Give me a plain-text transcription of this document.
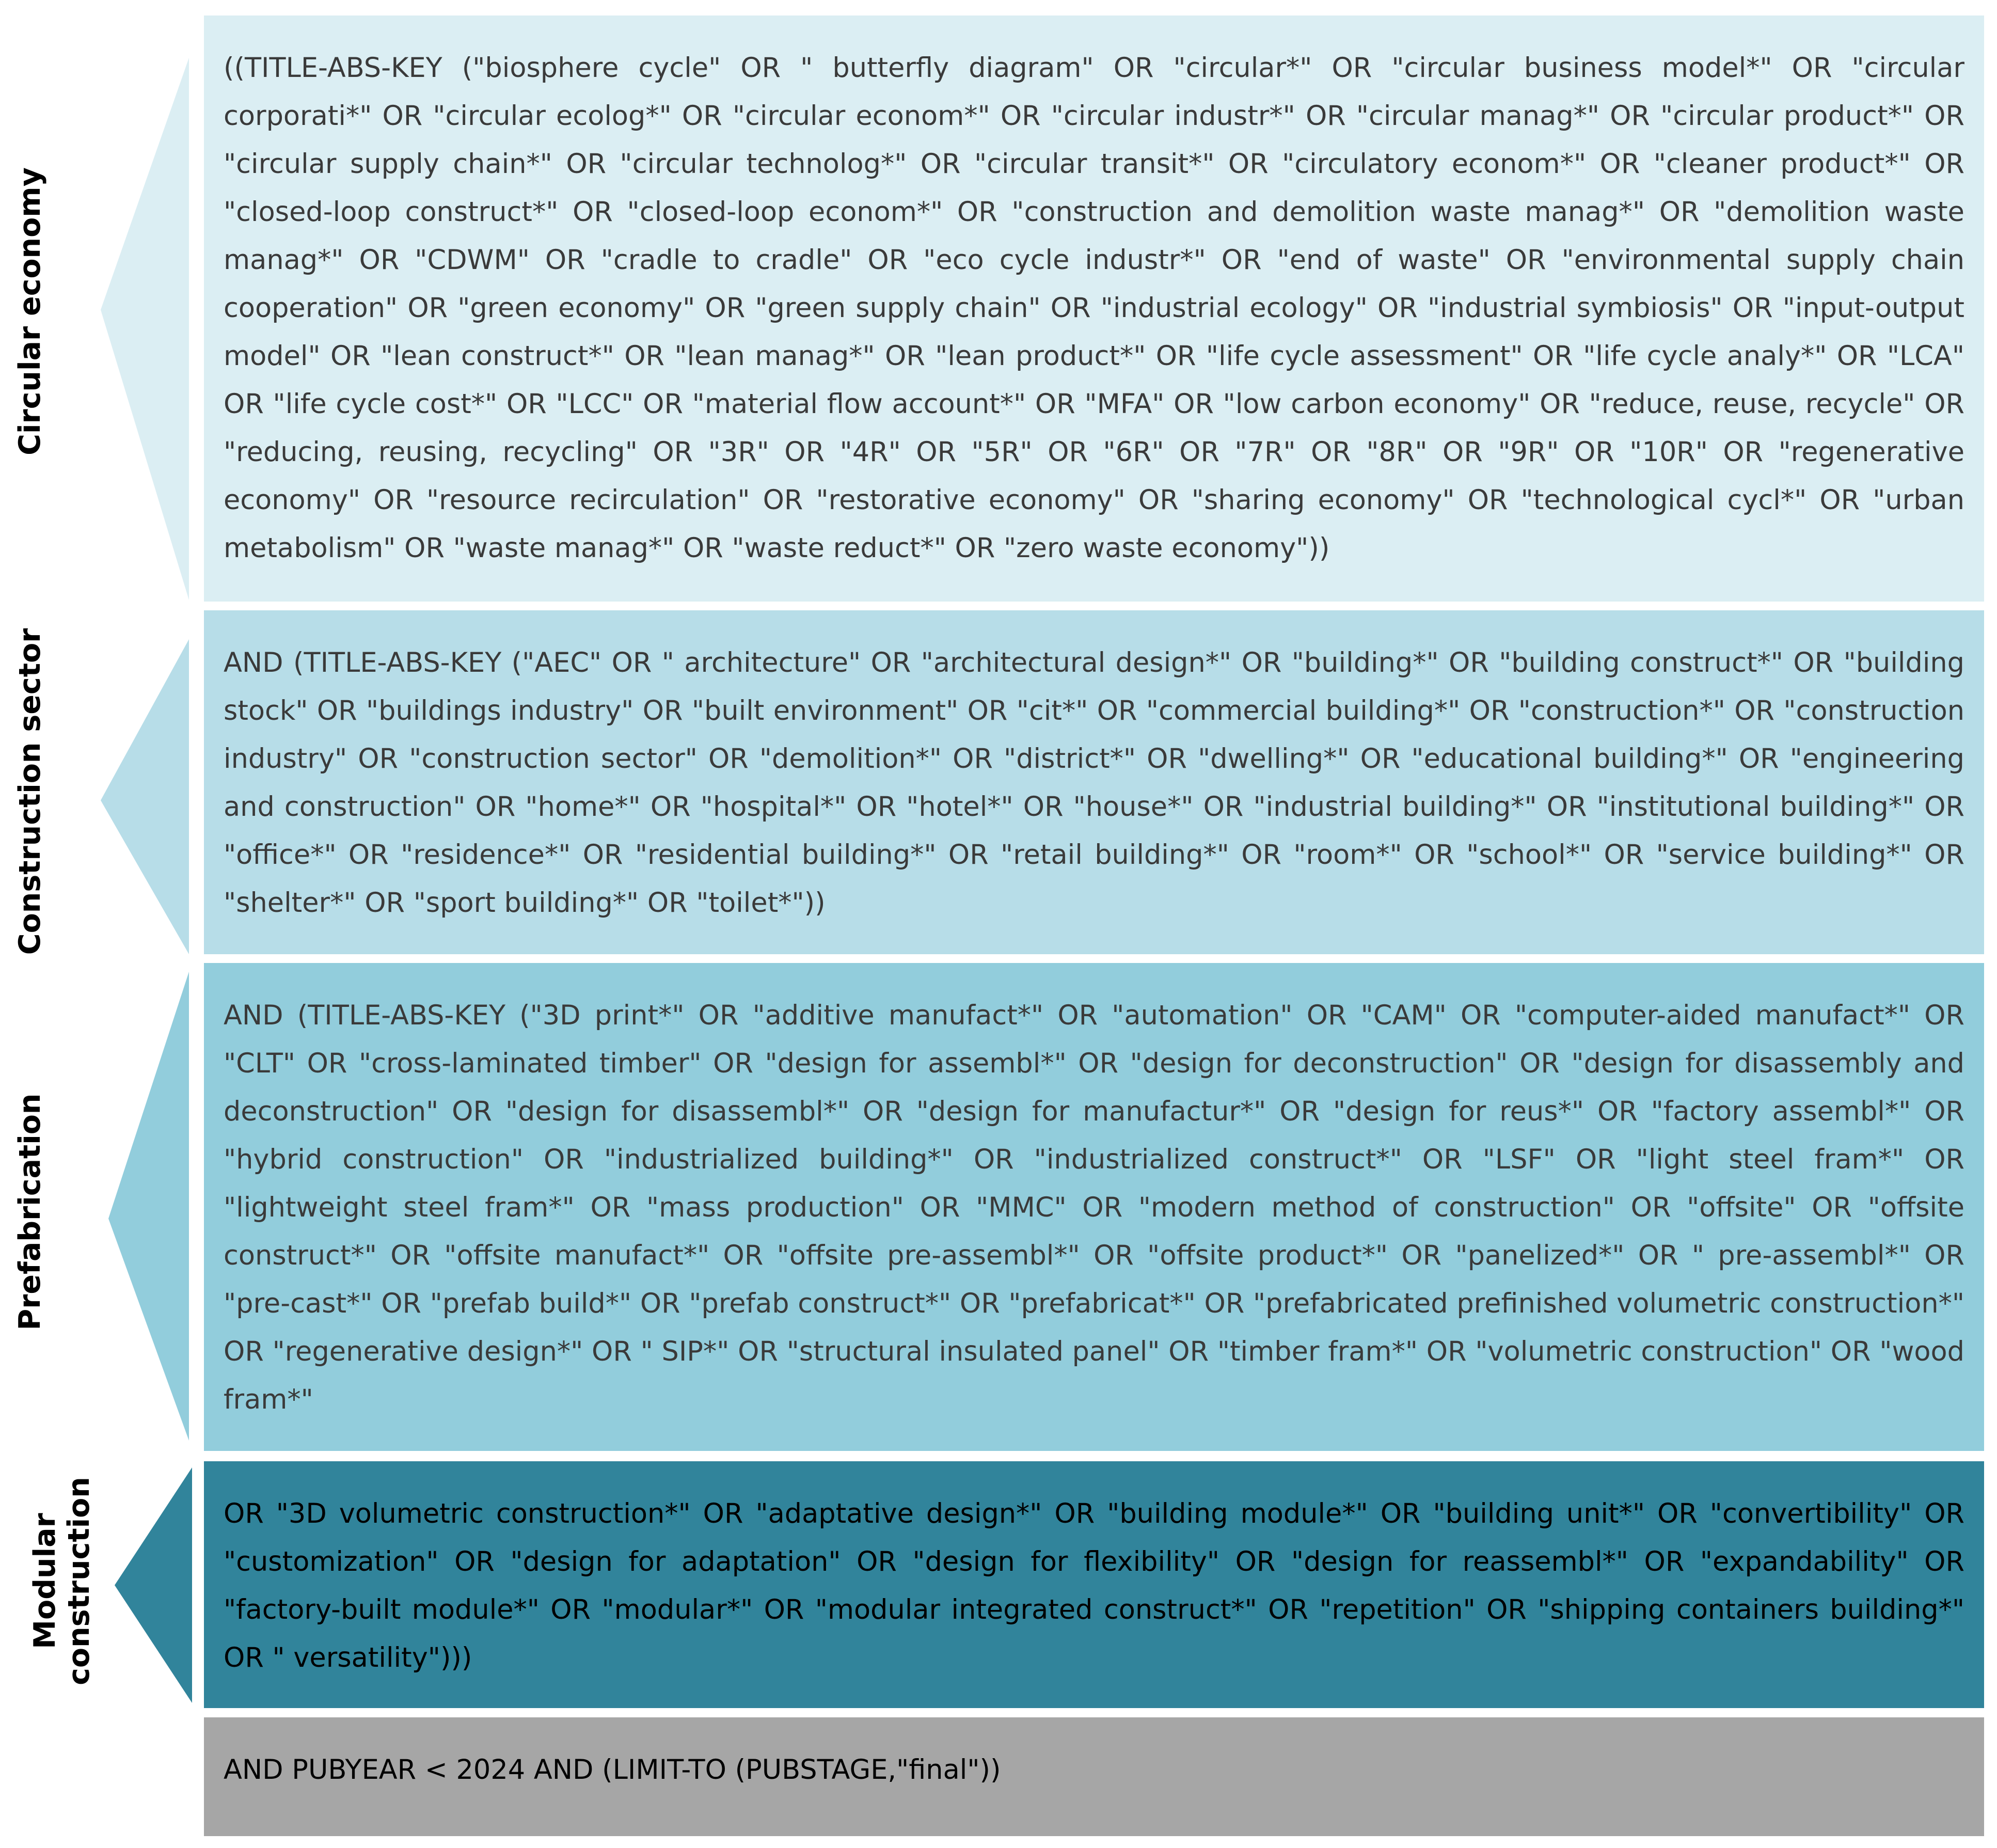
Circular economy
Construction sector
Prefabrication
Modular construction
((TITLE-ABS-KEY ("biosphere cycle" OR " butterfly diagram" OR "circular*" OR "circular business model*" OR "circular corporati*" OR "circular ecolog*" OR "circular econom*" OR "circular industr*" OR "circular manag*" OR "circular product*" OR "circular supply chain*" OR "circular technolog*" OR "circular transit*" OR "circulatory econom*" OR "cleaner product*" OR "closed-loop construct*" OR "closed-loop econom*" OR "construction and demolition waste manag*" OR "demolition waste manag*" OR "CDWM" OR "cradle to cradle" OR "eco cycle industr*" OR "end of waste" OR "environmental supply chain cooperation" OR "green economy" OR "green supply chain" OR "industrial ecology" OR "industrial symbiosis" OR "input-output model" OR "lean construct*" OR "lean manag*" OR "lean product*" OR "life cycle assessment" OR "life cycle analy*" OR "LCA" OR "life cycle cost*" OR "LCC" OR "material flow account*" OR "MFA" OR "low carbon economy" OR "reduce, reuse, recycle" OR "reducing, reusing, recycling" OR "3R" OR "4R" OR "5R" OR "6R" OR "7R" OR "8R" OR "9R" OR "10R" OR "regenerative economy" OR "resource recirculation" OR "restorative economy" OR "sharing economy" OR "technological cycl*" OR "urban metabolism" OR "waste manag*" OR "waste reduct*" OR "zero waste economy"))
AND (TITLE-ABS-KEY ("AEC" OR " architecture" OR "architectural design*" OR "building*" OR "building construct*" OR "building stock" OR "buildings industry" OR "built environment" OR "cit*" OR "commercial building*" OR "construction*" OR "construction industry" OR "construction sector" OR "demolition*" OR "district*" OR "dwelling*" OR "educational building*" OR "engineering and construction" OR "home*" OR "hospital*" OR "hotel*" OR "house*" OR "industrial building*" OR "institutional building*" OR "office*" OR "residence*" OR "residential building*" OR "retail building*" OR "room*" OR "school*" OR "service building*" OR "shelter*" OR "sport building*" OR "toilet*"))
AND (TITLE-ABS-KEY ("3D print*" OR "additive manufact*" OR "automation" OR "CAM" OR "computer-aided manufact*" OR "CLT" OR "cross-laminated timber" OR "design for assembl*" OR "design for deconstruction" OR "design for disassembly and deconstruction" OR "design for disassembl*" OR "design for manufactur*" OR "design for reus*" OR "factory assembl*" OR "hybrid construction" OR "industrialized building*" OR "industrialized construct*" OR "LSF" OR "light steel fram*" OR "lightweight steel fram*" OR "mass production" OR "MMC" OR "modern method of construction" OR "offsite" OR "offsite construct*" OR "offsite manufact*" OR "offsite pre-assembl*" OR "offsite product*" OR "panelized*" OR " pre-assembl*" OR "pre-cast*" OR "prefab build*" OR "prefab construct*" OR "prefabricat*" OR "prefabricated prefinished volumetric construction*" OR "regenerative design*" OR " SIP*" OR "structural insulated panel" OR "timber fram*" OR "volumetric construction" OR "wood fram*"
OR "3D volumetric construction*" OR "adaptative design*" OR "building module*" OR "building unit*" OR "convertibility" OR "customization" OR "design for adaptation" OR "design for flexibility" OR "design for reassembl*" OR "expandability" OR "factory-built module*" OR "modular*" OR "modular integrated construct*" OR "repetition" OR "shipping containers building*" OR " versatility")))
AND PUBYEAR < 2024 AND (LIMIT-TO (PUBSTAGE,"final"))
